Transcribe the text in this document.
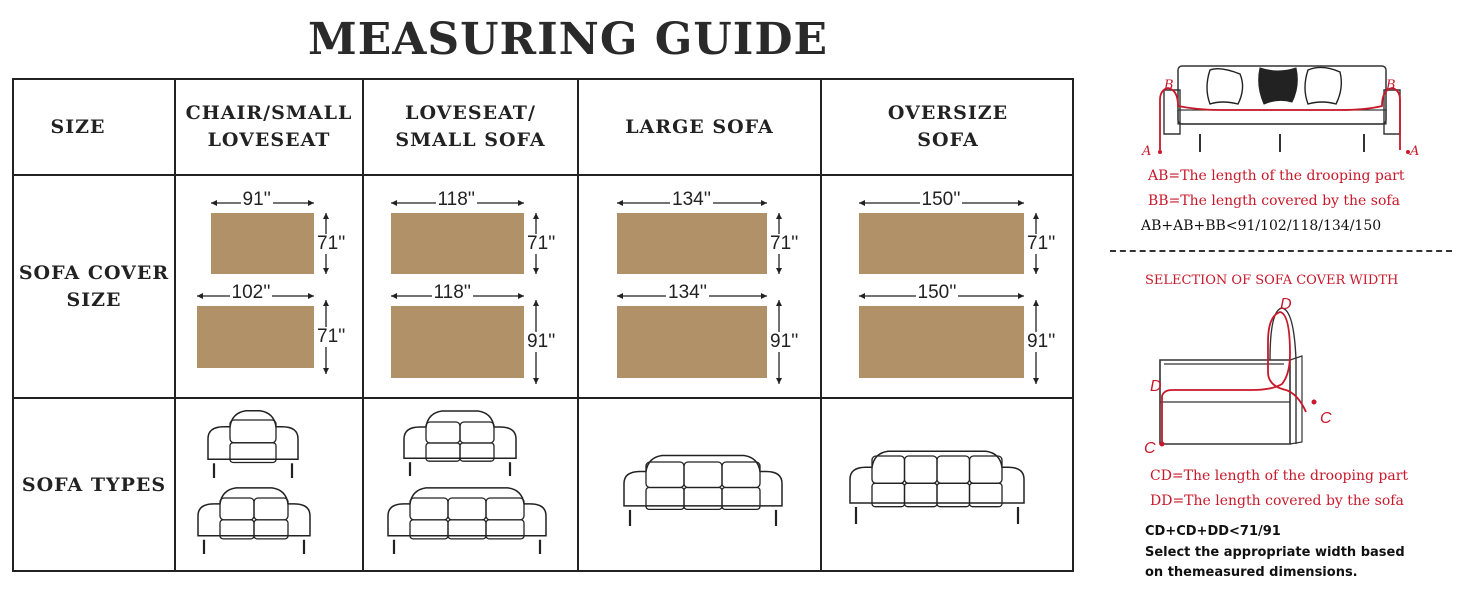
MEASURING GUIDE
SIZE
CHAIR/SMALL
LOVESEAT
LOVESEAT/
SMALL SOFA
LARGE SOFA
OVERSIZE
SOFA
SOFA COVER
SIZE
SOFA TYPES
91''
71''
102''
71''
118''
71''
118''
91''
134''
71''
134''
91''
150''
71''
150''
91''
B	B
A	A
AB=The length of the drooping part
BB=The length covered by the sofa
AB+AB+BB<91/102/118/134/150
SELECTION OF SOFA COVER WIDTH
D
D
C
C
CD=The length of the drooping part
DD=The length covered by the sofa
CD+CD+DD<71/91
Select the appropriate width based
on themeasured dimensions.
